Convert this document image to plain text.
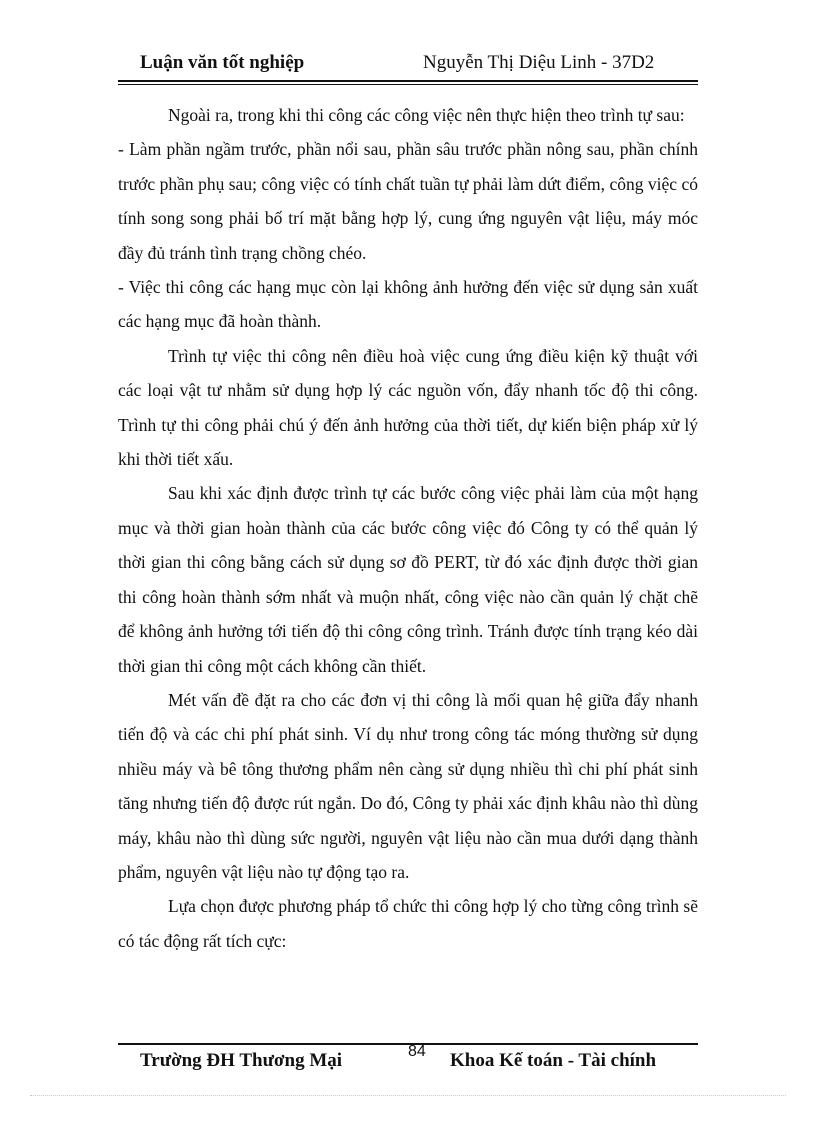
Luận văn tốt nghiệp	Nguyễn Thị Diệu Linh - 37D2

Ngoài ra, trong khi thi công các công việc nên thực hiện theo trình tự sau:

- Làm phần ngầm trước, phần nổi sau, phần sâu trước phần nông sau, phần chính trước phần phụ sau; công việc có tính chất tuần tự phải làm dứt điểm, công việc có tính song song phải bố trí mặt bằng hợp lý, cung ứng nguyên vật liệu, máy móc đầy đủ tránh tình trạng chồng chéo.

- Việc thi công các hạng mục còn lại không ảnh hưởng đến việc sử dụng sản xuất các hạng mục đã hoàn thành.

Trình tự việc thi công nên điều hoà việc cung ứng điều kiện kỹ thuật với các loại vật tư nhằm sử dụng hợp lý các nguồn vốn, đẩy nhanh tốc độ thi công. Trình tự thi công phải chú ý đến ảnh hưởng của thời tiết, dự kiến biện pháp xử lý khi thời tiết xấu.

Sau khi xác định được trình tự các bước công việc phải làm của một hạng mục và thời gian hoàn thành của các bước công việc đó Công ty có thể quản lý thời gian thi công bằng cách sử dụng sơ đồ PERT, từ đó xác định được thời gian thi công hoàn thành sớm nhất và muộn nhất, công việc nào cần quản lý chặt chẽ để không ảnh hưởng tới tiến độ thi công công trình. Tránh được tính trạng kéo dài thời gian thi công một cách không cần thiết.

Mét vấn đề đặt ra cho các đơn vị thi công là mối quan hệ giữa đẩy nhanh tiến độ và các chi phí phát sinh. Ví dụ như trong công tác móng thường sử dụng nhiều máy và bê tông thương phẩm nên càng sử dụng nhiều thì chi phí phát sinh tăng nhưng tiến độ được rút ngắn. Do đó, Công ty phải xác định khâu nào thì dùng máy, khâu nào thì dùng sức người, nguyên vật liệu nào cần mua dưới dạng thành phẩm, nguyên vật liệu nào tự động tạo ra.

Lựa chọn được phương pháp tổ chức thi công hợp lý cho từng công trình sẽ có tác động rất tích cực:

Trường ĐH Thương Mại	84 Khoa Kế toán - Tài chính
